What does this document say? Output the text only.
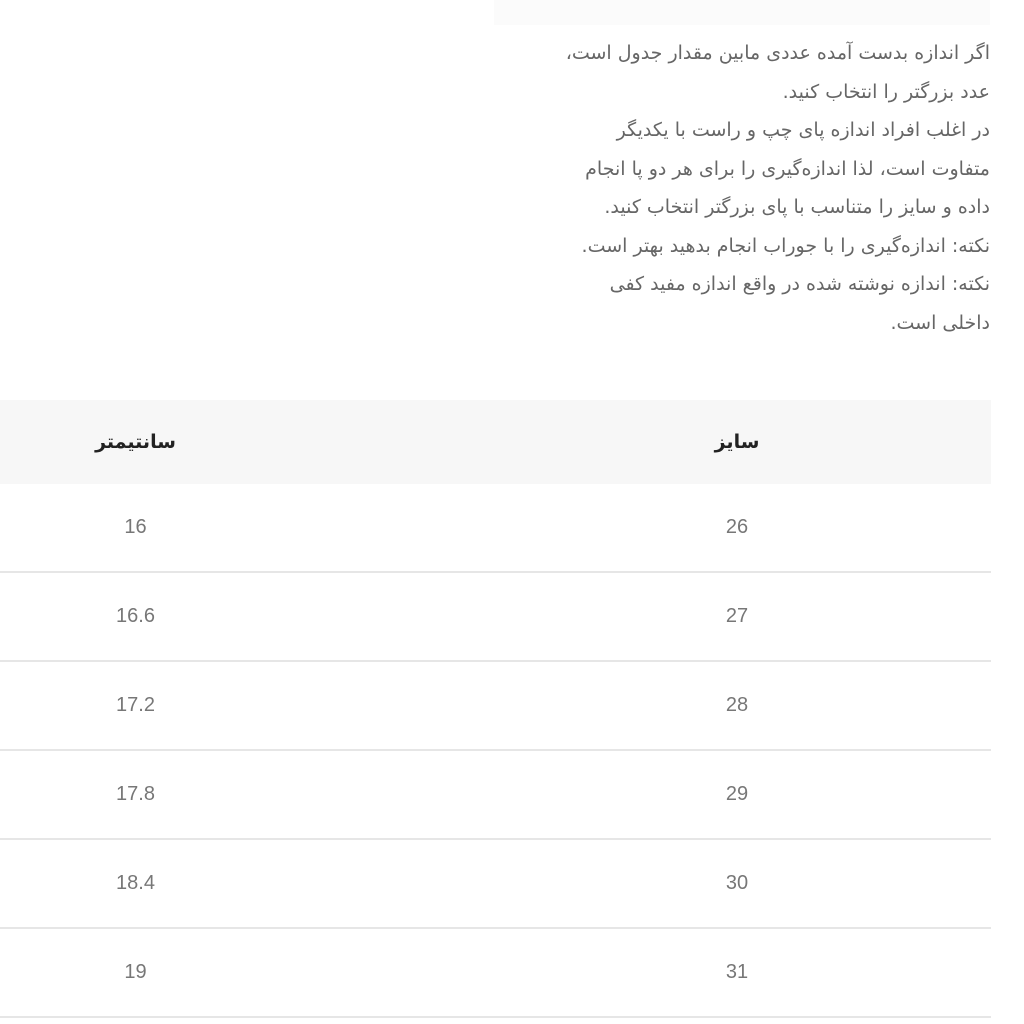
اگر اندازه بدست آمده عددی مابین مقدار جدول است،

عدد بزرگتر را انتخاب کنید.

در اغلب افراد اندازه پای چپ و راست با یکدیگر

متفاوت است، لذا اندازه‌گیری را برای هر دو پا انجام

داده و سایز را متناسب با پای بزرگتر انتخاب کنید.

نکته: اندازه‌گیری را با جوراب انجام بدهید بهتر است.

نکته: اندازه نوشته شده در واقع اندازه مفید کفی

داخلی است.

سایز	سانتیمتر
26	16
27	16.6
28	17.2
29	17.8
30	18.4
31	19
